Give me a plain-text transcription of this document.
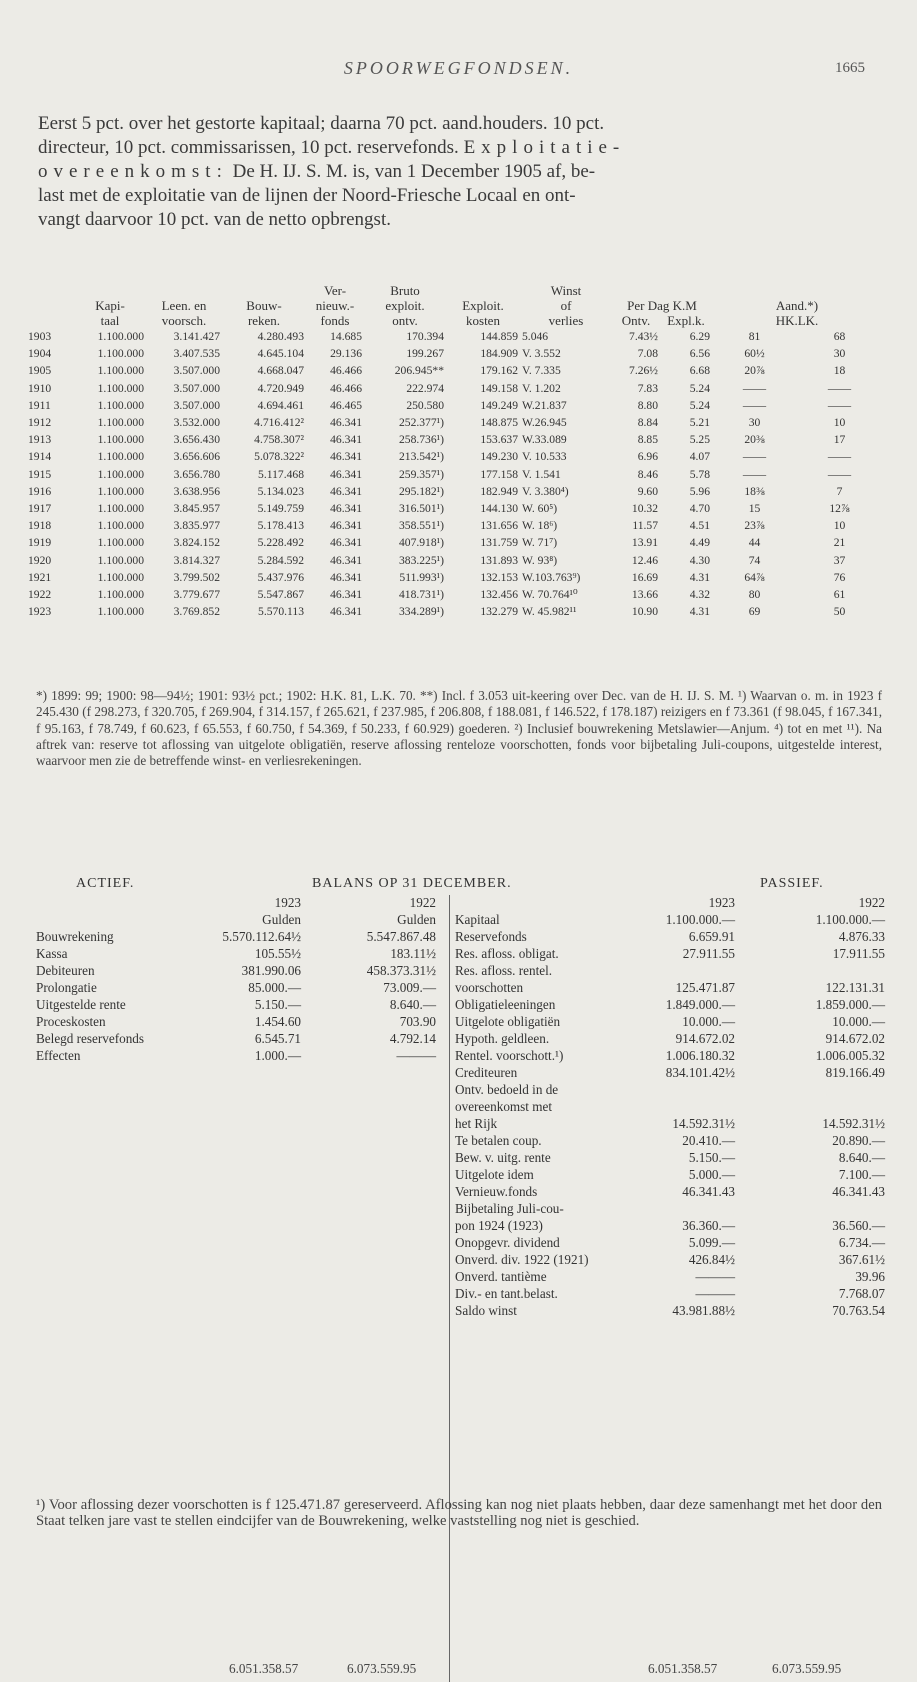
SPOORWEGFONDSEN.	1665
Eerst 5 pct. over het gestorte kapitaal; daarna 70 pct. aand.houders. 10 pct.
directeur, 10 pct. commissarissen, 10 pct. reservefonds. Exploitatie-
overeenkomst: De H. IJ. S. M. is, van 1 December 1905 af, be-
last met de exploitatie van de lijnen der Noord-Friesche Locaal en ont-
vangt daarvoor 10 pct. van de netto opbrengst.
				Ver-	Bruto		Winst				
	Kapi-	Leen. en	Bouw-	nieuw.-	exploit.	Exploit.	of	Per Dag K.M		Aand.*)	
	taal	voorsch.	reken.	fonds	ontv.	kosten	verlies	Ontv.	Expl.k.	HK.LK.	
1903	1.100.000	3.141.427	4.280.493	14.685	170.394	144.859	5.046	7.43½	6.29	81	68
1904	1.100.000	3.407.535	4.645.104	29.136	199.267	184.909	V. 3.552	7.08	6.56	60½	30
1905	1.100.000	3.507.000	4.668.047	46.466	206.945**	179.162	V. 7.335	7.26½	6.68	20⅞	18
1910	1.100.000	3.507.000	4.720.949	46.466	222.974	149.158	V. 1.202	7.83	5.24	——	——
1911	1.100.000	3.507.000	4.694.461	46.465	250.580	149.249	W.21.837	8.80	5.24	——	——
1912	1.100.000	3.532.000	4.716.412²	46.341	252.377¹)	148.875	W.26.945	8.84	5.21	30	10
1913	1.100.000	3.656.430	4.758.307²	46.341	258.736¹)	153.637	W.33.089	8.85	5.25	20⅜	17
1914	1.100.000	3.656.606	5.078.322²	46.341	213.542¹)	149.230	V. 10.533	6.96	4.07	——	——
1915	1.100.000	3.656.780	5.117.468	46.341	259.357¹)	177.158	V. 1.541	8.46	5.78	——	——
1916	1.100.000	3.638.956	5.134.023	46.341	295.182¹)	182.949	V. 3.380⁴)	9.60	5.96	18⅜	7
1917	1.100.000	3.845.957	5.149.759	46.341	316.501¹)	144.130	W. 60⁵)	10.32	4.70	15	12⅞
1918	1.100.000	3.835.977	5.178.413	46.341	358.551¹)	131.656	W. 18⁶)	11.57	4.51	23⅞	10
1919	1.100.000	3.824.152	5.228.492	46.341	407.918¹)	131.759	W. 71⁷)	13.91	4.49	44	21
1920	1.100.000	3.814.327	5.284.592	46.341	383.225¹)	131.893	W. 93⁸)	12.46	4.30	74	37
1921	1.100.000	3.799.502	5.437.976	46.341	511.993¹)	132.153	W.103.763⁹)	16.69	4.31	64⅞	76
1922	1.100.000	3.779.677	5.547.867	46.341	418.731¹)	132.456	W. 70.764¹⁰	13.66	4.32	80	61
1923	1.100.000	3.769.852	5.570.113	46.341	334.289¹)	132.279	W. 45.982¹¹	10.90	4.31	69	50
*) 1899: 99; 1900: 98—94½; 1901: 93½ pct.; 1902: H.K. 81, L.K. 70. **) Incl. f 3.053 uit-keering over Dec. van de H. IJ. S. M. ¹) Waarvan o. m. in 1923 f 245.430 (f 298.273, f 320.705, f 269.904, f 314.157, f 265.621, f 237.985, f 206.808, f 188.081, f 146.522, f 178.187) reizigers en f 73.361 (f 98.045, f 167.341, f 95.163, f 78.749, f 60.623, f 65.553, f 60.750, f 54.369, f 50.233, f 60.929) goederen. ²) Inclusief bouwrekening Metslawier—Anjum. ⁴) tot en met ¹¹). Na aftrek van: reserve tot aflossing van uitgelote obligatiën, reserve aflossing renteloze voorschotten, fonds voor bijbetaling Juli-coupons, uitgestelde interest, waarvoor men zie de betreffende winst- en verliesrekeningen.
ACTIEF.	BALANS OP 31 DECEMBER.	PASSIEF.
1923	1922
Gulden	Gulden
Bouwrekening	5.570.112.64½	5.547.867.48
Kassa	105.55½	183.11½
Debiteuren	381.990.06	458.373.31½
Prolongatie	85.000.—	73.009.—
Uitgestelde rente	5.150.—	8.640.—
Proceskosten	1.454.60	703.90
Belegd reservefonds	6.545.71	4.792.14
Effecten	1.000.—	———
1923	1922
Kapitaal	1.100.000.—	1.100.000.—
Reservefonds	6.659.91	4.876.33
Res. afloss. obligat.	27.911.55	17.911.55
Res. afloss. rentel.
voorschotten	125.471.87	122.131.31
Obligatieleeningen	1.849.000.—	1.859.000.—
Uitgelote obligatiën	10.000.—	10.000.—
Hypoth. geldleen.	914.672.02	914.672.02
Rentel. voorschott.¹)	1.006.180.32	1.006.005.32
Crediteuren	834.101.42½	819.166.49
Ontv. bedoeld in de
overeenkomst met
het Rijk	14.592.31½	14.592.31½
Te betalen coup.	20.410.—	20.890.—
Bew. v. uitg. rente	5.150.—	8.640.—
Uitgelote idem	5.000.—	7.100.—
Vernieuw.fonds	46.341.43	46.341.43
Bijbetaling Juli-cou-
pon 1924 (1923)	36.360.—	36.560.—
Onopgevr. dividend	5.099.—	6.734.—
Onverd. div. 1922 (1921)	426.84½	367.61½
Onverd. tantième	———	39.96
Div.- en tant.belast.	———	7.768.07
Saldo winst	43.981.88½	70.763.54
6.051.358.57	6.073.559.95	6.051.358.57	6.073.559.95
¹) Voor aflossing dezer voorschotten is f 125.471.87 gereserveerd. Aflossing kan nog niet plaats hebben, daar deze samenhangt met het door den Staat telken jare vast te stellen eindcijfer van de Bouwrekening, welke vaststelling nog niet is geschied.
